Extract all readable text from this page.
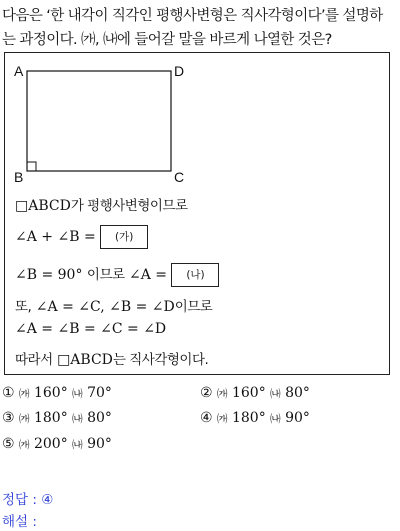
다음은 ‘한 내각이 직각인 평행사변형은 직사각형이다’를 설명하
는 과정이다. ㈎, ㈏에 들어갈 말을 바르게 나열한 것은?
A	D
B	C
□ABCD가 평행사변형이므로
∠A + ∠B = (가)
∠B = 90° 이므로 ∠A = (나)
또, ∠A = ∠C, ∠B = ∠D이므로
∠A = ∠B = ∠C = ∠D
따라서 □ABCD는 직사각형이다.
① ㈎ 160° ㈏ 70°	② ㈎ 160° ㈏ 80°
③ ㈎ 180° ㈏ 80°	④ ㈎ 180° ㈏ 90°
⑤ ㈎ 200° ㈏ 90°
정답 : ④
해설 :
